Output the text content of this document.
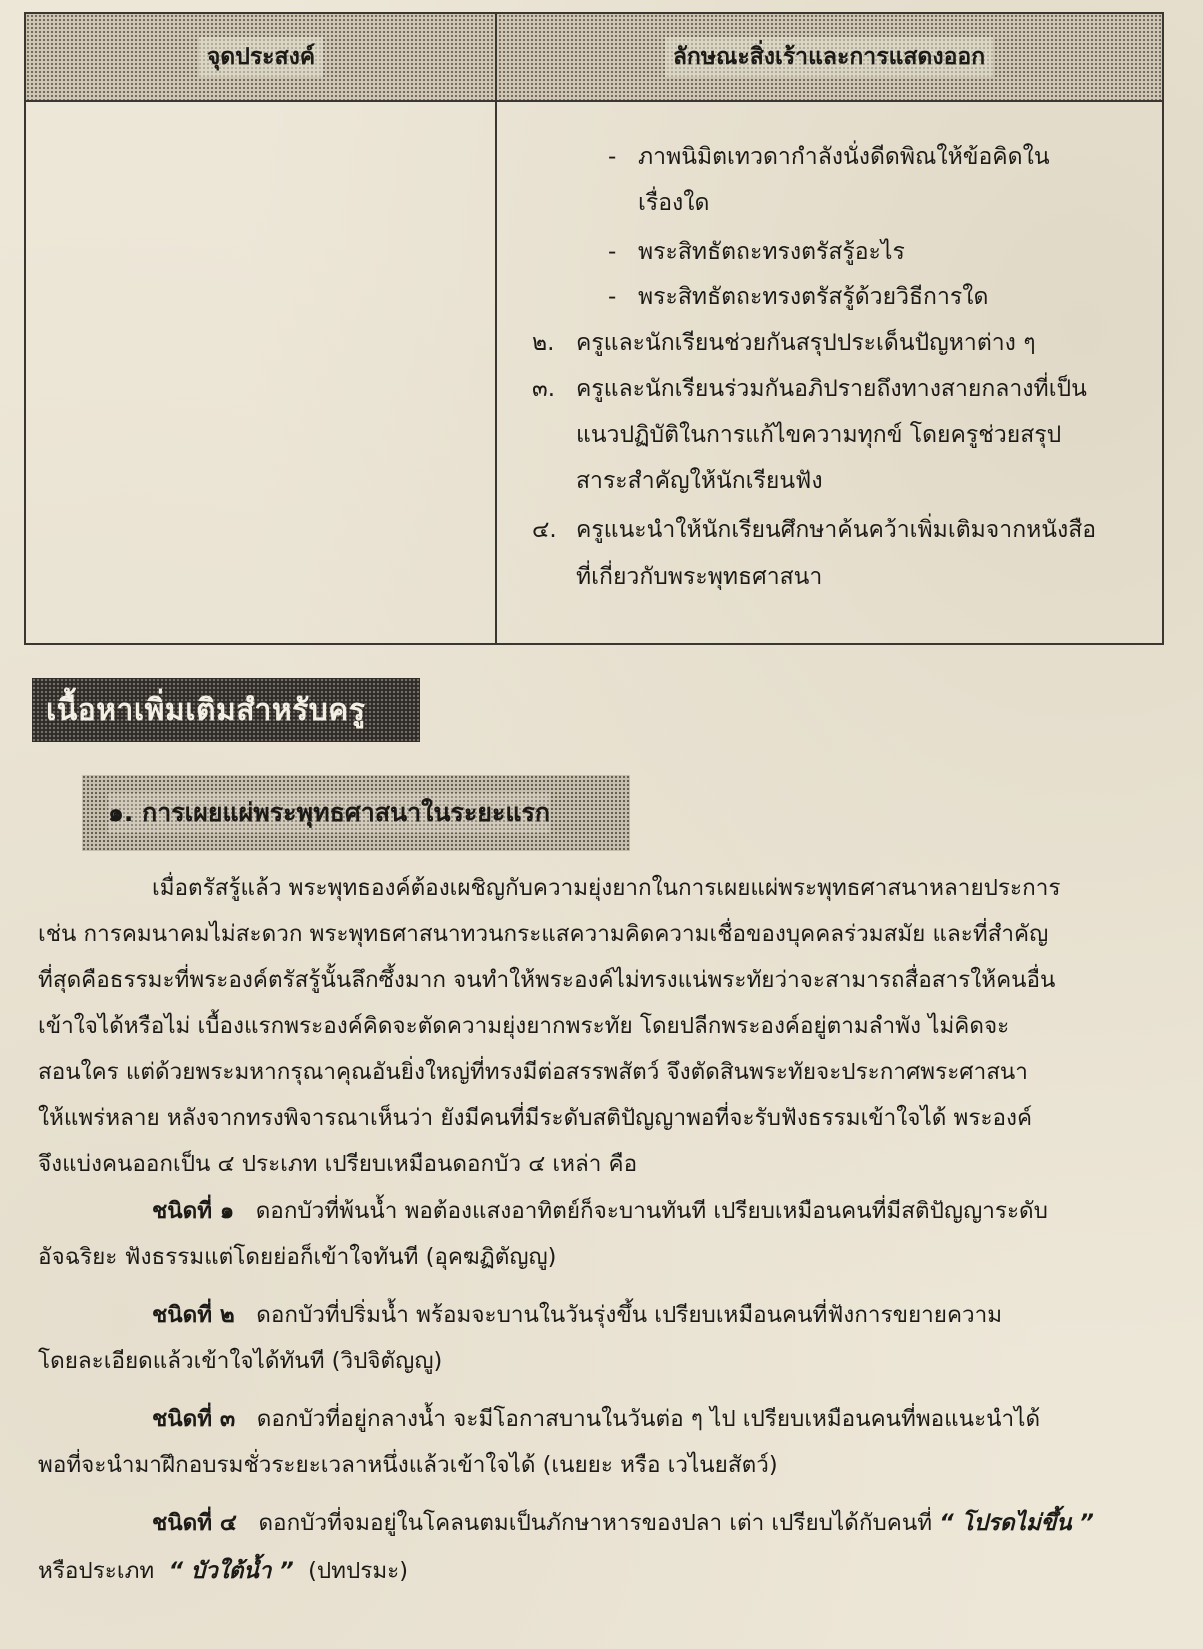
จุดประสงค์	ลักษณะสิ่งเร้าและการแสดงออก
- ภาพนิมิตเทวดากำลังนั่งดีดพิณให้ข้อคิดใน
เรื่องใด
- พระสิทธัตถะทรงตรัสรู้อะไร
- พระสิทธัตถะทรงตรัสรู้ด้วยวิธีการใด
๒. ครูและนักเรียนช่วยกันสรุปประเด็นปัญหาต่าง ๆ
๓. ครูและนักเรียนร่วมกันอภิปรายถึงทางสายกลางที่เป็น
แนวปฏิบัติในการแก้ไขความทุกข์ โดยครูช่วยสรุป
สาระสำคัญให้นักเรียนฟัง
๔. ครูแนะนำให้นักเรียนศึกษาค้นคว้าเพิ่มเติมจากหนังสือ
ที่เกี่ยวกับพระพุทธศาสนา
เนื้อหาเพิ่มเติมสำหรับครู
๑. การเผยแผ่พระพุทธศาสนาในระยะแรก
เมื่อตรัสรู้แล้ว พระพุทธองค์ต้องเผชิญกับความยุ่งยากในการเผยแผ่พระพุทธศาสนาหลายประการ
เช่น การคมนาคมไม่สะดวก พระพุทธศาสนาทวนกระแสความคิดความเชื่อของบุคคลร่วมสมัย และที่สำคัญ
ที่สุดคือธรรมะที่พระองค์ตรัสรู้นั้นลึกซึ้งมาก จนทำให้พระองค์ไม่ทรงแน่พระทัยว่าจะสามารถสื่อสารให้คนอื่น
เข้าใจได้หรือไม่ เบื้องแรกพระองค์คิดจะตัดความยุ่งยากพระทัย โดยปลีกพระองค์อยู่ตามลำพัง ไม่คิดจะ
สอนใคร แต่ด้วยพระมหากรุณาคุณอันยิ่งใหญ่ที่ทรงมีต่อสรรพสัตว์ จึงตัดสินพระทัยจะประกาศพระศาสนา
ให้แพร่หลาย หลังจากทรงพิจารณาเห็นว่า ยังมีคนที่มีระดับสติปัญญาพอที่จะรับฟังธรรมเข้าใจได้ พระองค์
จึงแบ่งคนออกเป็น ๔ ประเภท เปรียบเหมือนดอกบัว ๔ เหล่า คือ
ชนิดที่ ๑ ดอกบัวที่พ้นน้ำ พอต้องแสงอาทิตย์ก็จะบานทันที เปรียบเหมือนคนที่มีสติปัญญาระดับ
อัจฉริยะ ฟังธรรมแต่โดยย่อก็เข้าใจทันที (อุคฆฏิตัญญู)
ชนิดที่ ๒ ดอกบัวที่ปริ่มน้ำ พร้อมจะบานในวันรุ่งขึ้น เปรียบเหมือนคนที่ฟังการขยายความ
โดยละเอียดแล้วเข้าใจได้ทันที (วิปจิตัญญู)
ชนิดที่ ๓ ดอกบัวที่อยู่กลางน้ำ จะมีโอกาสบานในวันต่อ ๆ ไป เปรียบเหมือนคนที่พอแนะนำได้
พอที่จะนำมาฝึกอบรมชั่วระยะเวลาหนึ่งแล้วเข้าใจได้ (เนยยะ หรือ เวไนยสัตว์)
ชนิดที่ ๔ ดอกบัวที่จมอยู่ในโคลนตมเป็นภักษาหารของปลา เต่า เปรียบได้กับคนที่ “ โปรดไม่ขึ้น ”
หรือประเภท “ บัวใต้น้ำ ” (ปทปรมะ)
